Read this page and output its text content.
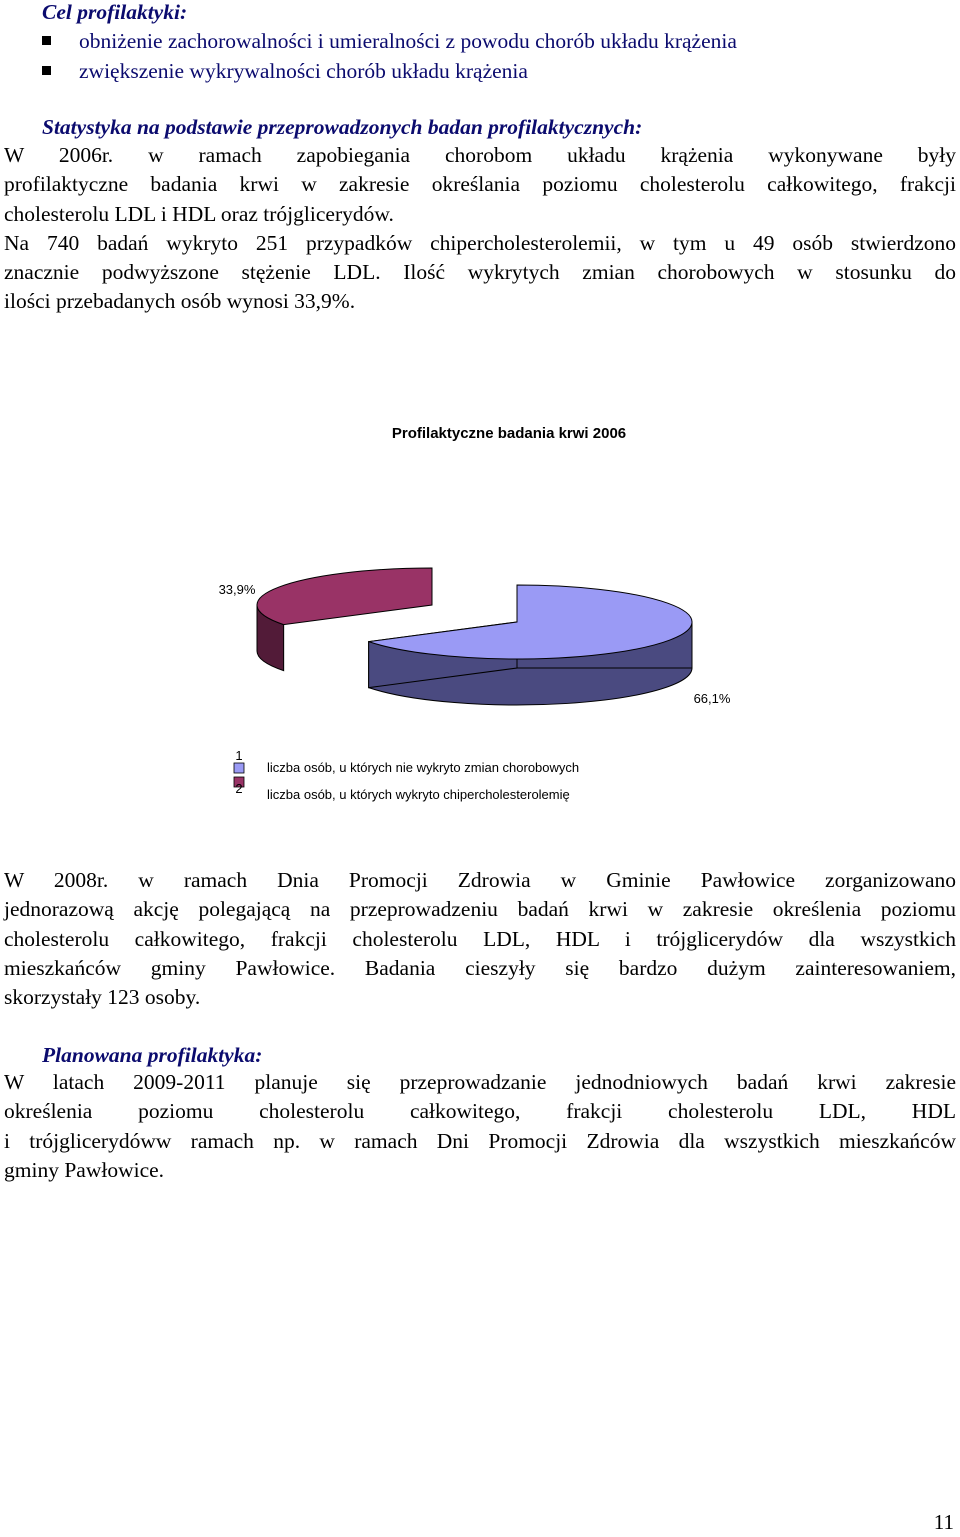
Cel profilaktyki:
obniżenie zachorowalności i umieralności z powodu chorób układu krążenia
zwiększenie wykrywalności chorób układu krążenia
Statystyka na podstawie przeprowadzonych badan profilaktycznych:
W 2006r. w ramach zapobiegania chorobom układu krążenia wykonywane były
profilaktyczne badania krwi w zakresie określania poziomu cholesterolu całkowitego, frakcji
cholesterolu LDL i HDL oraz trójglicerydów.
Na 740 badań wykryto 251 przypadków chipercholesterolemii, w tym u 49 osób stwierdzono
znacznie podwyższone stężenie LDL. Ilość wykrytych zmian chorobowych w stosunku do
ilości przebadanych osób wynosi 33,9%.
Profilaktyczne badania krwi 2006
33,9%
66,1%
1
liczba osób, u których nie wykryto zmian chorobowych
2 liczba osób, u których wykryto chipercholesterolemię
W 2008r. w ramach Dnia Promocji Zdrowia w Gminie Pawłowice zorganizowano
jednorazową akcję polegającą na przeprowadzeniu badań krwi w zakresie określenia poziomu
cholesterolu całkowitego, frakcji cholesterolu LDL, HDL i trójglicerydów dla wszystkich
mieszkańców gminy Pawłowice. Badania cieszyły się bardzo dużym zainteresowaniem,
skorzystały 123 osoby.
Planowana profilaktyka:
W latach 2009-2011 planuje się przeprowadzanie jednodniowych badań krwi zakresie
określenia poziomu cholesterolu całkowitego, frakcji cholesterolu LDL, HDL
i trójglicerydóww ramach np. w ramach Dni Promocji Zdrowia dla wszystkich mieszkańców
gminy Pawłowice.
11
